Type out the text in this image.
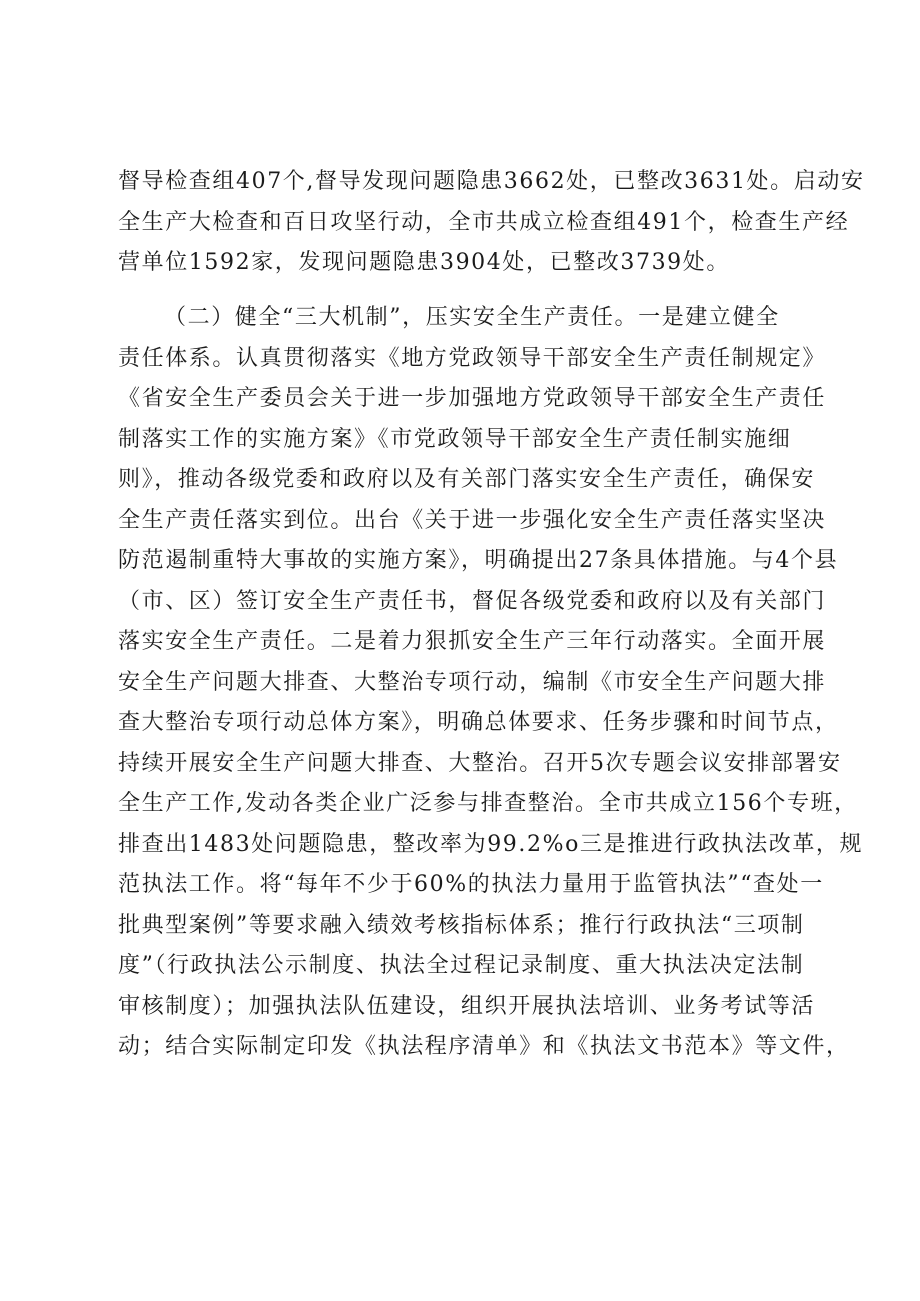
督导检查组407个,督导发现问题隐患3662处，已整改3631处。启动安
全生产大检查和百日攻坚行动，全市共成立检查组491个，检查生产经
营单位1592家，发现问题隐患3904处，已整改3739处。
（二）健全“三大机制”，压实安全生产责任。一是建立健全
责任体系。认真贯彻落实《地方党政领导干部安全生产责任制规定》
《省安全生产委员会关于进一步加强地方党政领导干部安全生产责任
制落实工作的实施方案》《市党政领导干部安全生产责任制实施细
则》，推动各级党委和政府以及有关部门落实安全生产责任，确保安
全生产责任落实到位。出台《关于进一步强化安全生产责任落实坚决
防范遏制重特大事故的实施方案》，明确提出27条具体措施。与4个县
（市、区）签订安全生产责任书，督促各级党委和政府以及有关部门
落实安全生产责任。二是着力狠抓安全生产三年行动落实。全面开展
安全生产问题大排查、大整治专项行动，编制《市安全生产问题大排
查大整治专项行动总体方案》，明确总体要求、任务步骤和时间节点，
持续开展安全生产问题大排查、大整治。召开5次专题会议安排部署安
全生产工作,发动各类企业广泛参与排查整治。全市共成立156个专班，
排查出1483处问题隐患，整改率为99.2%o三是推进行政执法改革，规
范执法工作。将“每年不少于60%的执法力量用于监管执法”“查处一
批典型案例”等要求融入绩效考核指标体系；推行行政执法“三项制
度”（行政执法公示制度、执法全过程记录制度、重大执法决定法制
审核制度）；加强执法队伍建设，组织开展执法培训、业务考试等活
动；结合实际制定印发《执法程序清单》和《执法文书范本》等文件，
